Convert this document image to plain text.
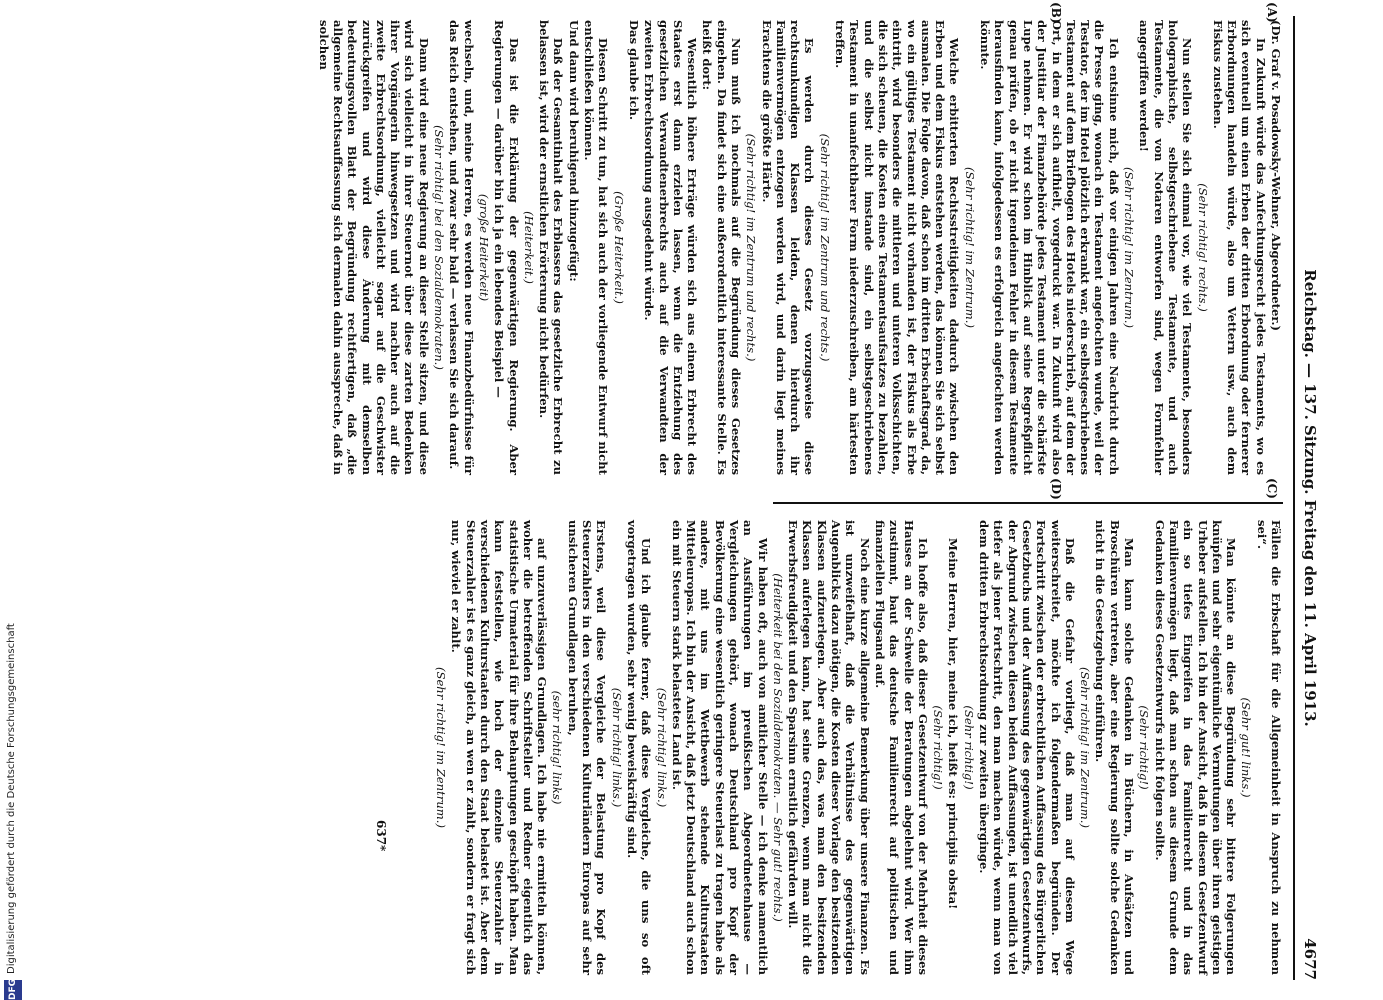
Reichstag. — 137. Sitzung. Freitag den 11. April 1913.
4677
(A)
(B)
(C)
(D)

(Dr. Graf v. Posadowsky-Wehner, Abgeordneter.)

In Zukunft würde das Anfechtungsrecht jedes Testaments, wo es sich eventuell um einen Erben der dritten Erbordnung oder fernerer Erbordnungen handeln würde, also um Vettern usw., auch dem Fiskus zustehen.

(Sehr richtig! rechts.)

Nun stellen Sie sich einmal vor, wie viel Testamente, besonders holographische, selbstgeschriebene Testamente, und auch Testamente, die von Notaren entworfen sind, wegen Formfehler angegriffen werden!

(Sehr richtig! im Zentrum.)

Ich entsinne mich, daß vor einigen Jahren eine Nachricht durch die Presse ging, wonach ein Testament angefochten wurde, weil der Testator, der im Hotel plötzlich erkrankt war, ein selbstgeschriebenes Testament auf dem Briefbogen des Hotels niederschrieb, auf dem der Ort, in dem er sich aufhielt, vorgedruckt war. In Zukunft wird also der Justitiar der Finanzbehörde jedes Testament unter die schärfste Lupe nehmen. Er wird schon im Hinblick auf seine Regreßpflicht genau prüfen, ob er nicht irgendeinen Fehler in diesem Testamente herausfinden kann, infolgedessen es erfolgreich angefochten werden könnte.

(Sehr richtig! im Zentrum.)

Welche erbitterten Rechtsstreitigkeiten dadurch zwischen den Erben und dem Fiskus entstehen werden, das können Sie sich selbst ausmalen. Die Folge davon, daß schon im dritten Erbschaftsgrad, da, wo ein gültiges Testament nicht vorhanden ist, der Fiskus als Erbe eintritt, wird besonders die mittleren und unteren Volksschichten, die sich scheuen, die Kosten eines Testamentsaufsatzes zu bezahlen, und die selbst nicht imstande sind, ein selbstgeschriebenes Testament in unanfechtbarer Form niederzuschreiben, am härtesten treffen.

(Sehr richtig! im Zentrum und rechts.)

Es werden durch dieses Gesetz vorzugsweise diese rechtsunkundigen Klassen leiden, denen hierdurch ihr Familienvermögen entzogen werden wird, und darin liegt meines Erachtens die größte Härte.

(Sehr richtig! im Zentrum und rechts.)

Nun muß ich nochmals auf die Begründung dieses Gesetzes eingehen. Da findet sich eine außerordentlich interessante Stelle. Es heißt dort:

Wesentlich höhere Erträge würden sich aus einem Erbrecht des Staates erst dann erzielen lassen, wenn die Entziehung des gesetzlichen Verwandtenerbrechts auch auf die Verwandten der zweiten Erbrechtsordnung ausgedehnt würde.

Das glaube ich.

(Große Heiterkeit.)

Diesen Schritt zu tun, hat sich auch der vorliegende Entwurf nicht entschließen können.

Und dann wird beruhigend hinzugefügt:

Daß der Gesamtinhalt des Erblassers das gesetzliche Erbrecht zu belassen ist, wird der ernstlichen Erörterung nicht bedürfen.

(Heiterkeit.)

Das ist die Erklärung der gegenwärtigen Regierung. Aber Regierungen — darüber bin ich ja ein lebendes Beispiel —

(große Heiterkeit)

wechseln, und, meine Herren, es werden neue Finanzbedürfnisse für das Reich entstehen, und zwar sehr bald — verlassen Sie sich darauf.

(Sehr richtig! bei den Sozialdemokraten.)

Dann wird eine neue Regierung an dieser Stelle sitzen, und diese wird sich vielleicht in ihrer Steuernot über diese zarten Bedenken ihrer Vorgängerin hinwegsetzen und wird nachher auch auf die zweite Erbrechtsordnung, vielleicht sogar auf die Geschwister zurückgreifen und wird diese Änderung mit demselben bedeutungsvollen Blatt der Begründung rechtfertigen, daß „die allgemeine Rechtsauffassung sich dermalen dahin ausspreche, daß in solchen

Fällen die Erbschaft für die Allgemeinheit in Anspruch zu nehmen sei“.

(Sehr gut! links.)

Man könnte an diese Begründung sehr bittere Folgerungen knüpfen und sehr eigentümliche Vermutungen über ihren geistigen Urheber aufstellen. Ich bin der Ansicht, daß in diesem Gesetzentwurf ein so tiefes Eingreifen in das Familienrecht und in das Familienvermögen liegt, daß man schon aus diesem Grunde dem Gedanken dieses Gesetzentwurfs nicht folgen sollte.

(Sehr richtig!)

Man kann solche Gedanken in Büchern, in Aufsätzen und Broschüren vertreten, aber eine Regierung sollte solche Gedanken nicht in die Gesetzgebung einführen.

(Sehr richtig! im Zentrum.)

Daß die Gefahr vorliegt, daß man auf diesem Wege weiterschreitet, möchte ich folgendermaßen begründen. Der Fortschritt zwischen der erbrechtlichen Auffassung des Bürgerlichen Gesetzbuchs und der Auffassung des gegenwärtigen Gesetzentwurfs, der Abgrund zwischen diesen beiden Auffassungen, ist unendlich viel tiefer als jener Fortschritt, den man machen würde, wenn man von dem dritten Erbrechtsordnung zur zweiten überginge.

(Sehr richtig!)

Meine Herren, hier, meine ich, heißt es: principiis obsta!

(Sehr richtig!)

Ich hoffe also, daß dieser Gesetzentwurf von der Mehrheit dieses Hauses an der Schwelle der Beratungen abgelehnt wird. Wer ihm zustimmt, baut das deutsche Familienrecht auf politischen und finanziellen Flugsand auf.

Noch eine kurze allgemeine Bemerkung über unsere Finanzen. Es ist unzweifelhaft, daß die Verhältnisse des gegenwärtigen Augenblicks dazu nötigen, die Kosten dieser Vorlage den besitzenden Klassen aufzuerlegen. Aber auch das, was man den besitzenden Klassen auferlegen kann, hat seine Grenzen, wenn man nicht die Erwerbsfreudigkeit und den Sparsinn ernstlich gefährden will.

(Heiterkeit bei den Sozialdemokraten. — Sehr gut! rechts.)

Wir haben oft, auch von amtlicher Stelle — ich denke namentlich an Ausführungen im preußischen Abgeordnetenhause — Vergleichungen gehört, wonach Deutschland pro Kopf der Bevölkerung eine wesentlich geringere Steuerlast zu tragen habe als andere, mit uns im Wettbewerb stehende Kulturstaaten Mitteleuropas. Ich bin der Ansicht, daß jetzt Deutschland auch schon ein mit Steuern stark belastetes Land ist.

(Sehr richtig! links.)

Und ich glaube ferner, daß diese Vergleiche, die uns so oft vorgetragen wurden, sehr wenig beweiskräftig sind.

(Sehr richtig! links.)

Erstens, weil diese Vergleiche der Belastung pro Kopf des Steuerzahlers in den verschiedenen Kulturländern Europas auf sehr unsicheren Grundlagen beruhen,

(sehr richtig! links)

auf unzuverlässigen Grundlagen. Ich habe nie ermitteln können, woher die betreffenden Schriftsteller und Redner eigentlich das statistische Urmaterial für ihre Behauptungen geschöpft haben. Man kann feststellen, wie hoch der einzelne Steuerzahler in verschiedenen Kulturstaaten durch den Staat belastet ist. Aber dem Steuerzahler ist es ganz gleich, an wen er zahlt, sondern er fragt sich nur, wieviel er zahlt.

(Sehr richtig! im Zentrum.)

637*
DFG
Digitalisierung gefördert durch die Deutsche Forschungsgemeinschaft
